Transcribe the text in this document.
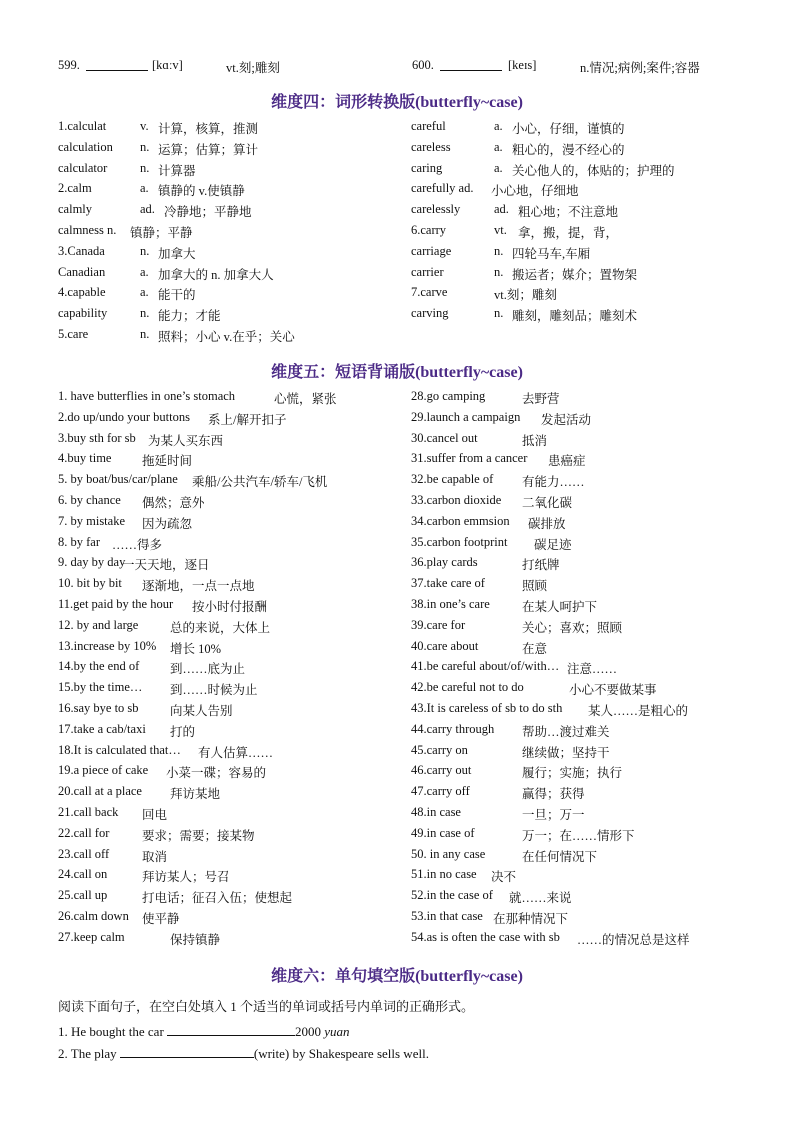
599.	[kɑːv]	vt.刻;雕刻	600.	[keɪs]	n.情况;病例;案件;容器
维度四：词形转换版(butterfly~case)
1.calculat	v. 计算，核算，推测
calculation n. 运算；估算；算计
calculator	n. 计算器
2.calm	a. 镇静的 v.使镇静
calmly	ad. 冷静地；平静地
calmness n. 镇静；平静
3.Canada	n. 加拿大
Canadian	a. 加拿大的 n. 加拿大人
4.capable	a. 能干的
capability	n. 能力；才能
5.care	n. 照料；小心 v.在乎；关心
careful	a. 小心，仔细，谨慎的
careless	a. 粗心的，漫不经心的
caring	a. 关心他人的，体贴的；护理的
carefully ad. 小心地，仔细地
carelessly	ad. 粗心地；不注意地
6.carry	vt. 拿，搬，提，背，
carriage	n. 四轮马车,车厢
carrier	n. 搬运者；媒介；置物架
7.carve	vt.刻；雕刻
carving	n. 雕刻，雕刻品；雕刻术
维度五：短语背诵版(butterfly~case)
1. have butterflies in one’s stomach	心慌，紧张
2.do up/undo your buttons 系上/解开扣子
3.buy sth for sb 为某人买东西
4.buy time 拖延时间
5. by boat/bus/car/plane 乘船/公共汽车/轿车/飞机
6. by chance 偶然；意外
7. by mistake 因为疏忽
8. by far ……得多
9. day by day
一天天地，逐日
10. bit by bit 逐渐地，一点一点地
11.get paid by the hour 按小时付报酬
12. by and large	总的来说，大体上
13.increase by 10% 增长 10%
14.by the end of 到……底为止
15.by the time… 到……时候为止
16.say bye to sb	向某人告别
17.take a cab/taxi 打的
18.It is calculated that… 有人估算……
19.a piece of cake 小菜一碟；容易的
20.call at a place 拜访某地
21.call back 回电
22.call for	要求；需要；接某物
23.call off	取消
24.call on	拜访某人；号召
25.call up	打电话；征召入伍；使想起
26.calm down 使平静
27.keep calm	保持镇静
28.go camping	去野营
29.launch a campaign 发起活动
30.cancel out	抵消
31.suffer from a cancer 患癌症
32.be capable of 有能力……
33.carbon dioxide 二氧化碳
34.carbon emmsion 碳排放
35.carbon footprint 碳足迹
36.play cards	打纸牌
37.take care of	照顾
38.in one’s care	在某人呵护下
39.care for	关心；喜欢；照顾
40.care about	在意
41.be careful about/of/with… 注意……
42.be careful not to do	小心不要做某事
43.It is careless of sb to do sth 某人……是粗心的
44.carry through 帮助…渡过难关
45.carry on	继续做；坚持干
46.carry out	履行；实施；执行
47.carry off	赢得；获得
48.in case	一旦；万一
49.in case of	万一；在……情形下
50. in any case	在任何情况下
51.in no case 决不
52.in the case of 就……来说
53.in that case 在那种情况下
54.as is often the case with sb ……的情况总是这样
维度六：单句填空版(butterfly~case)
阅读下面句子，在空白处填入 1 个适当的单词或括号内单词的正确形式。
1. He bought the car	2000 yuan
2. The play	(write) by Shakespeare sells well.
